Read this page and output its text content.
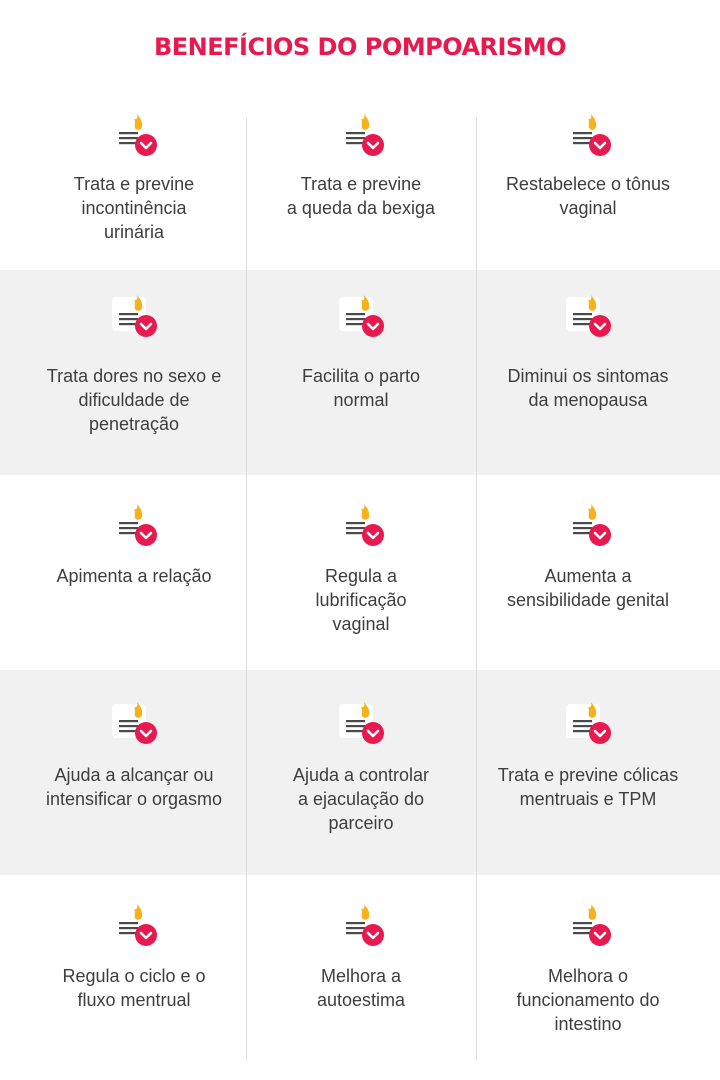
BENEFÍCIOS DO POMPOARISMO
Trata e previne
incontinência
urinária
Trata e previne
a queda da bexiga
Restabelece o tônus
vaginal
Trata dores no sexo e
dificuldade de
penetração
Facilita o parto
normal
Diminui os sintomas
da menopausa
Apimenta a relação	Regula a
lubrificação
vaginal
Aumenta a
sensibilidade genital
Ajuda a alcançar ou
intensificar o orgasmo
Ajuda a controlar
a ejaculação do
parceiro
Trata e previne cólicas
mentruais e TPM
Regula o ciclo e o
fluxo mentrual
Melhora a
autoestima
Melhora o
funcionamento do
intestino
